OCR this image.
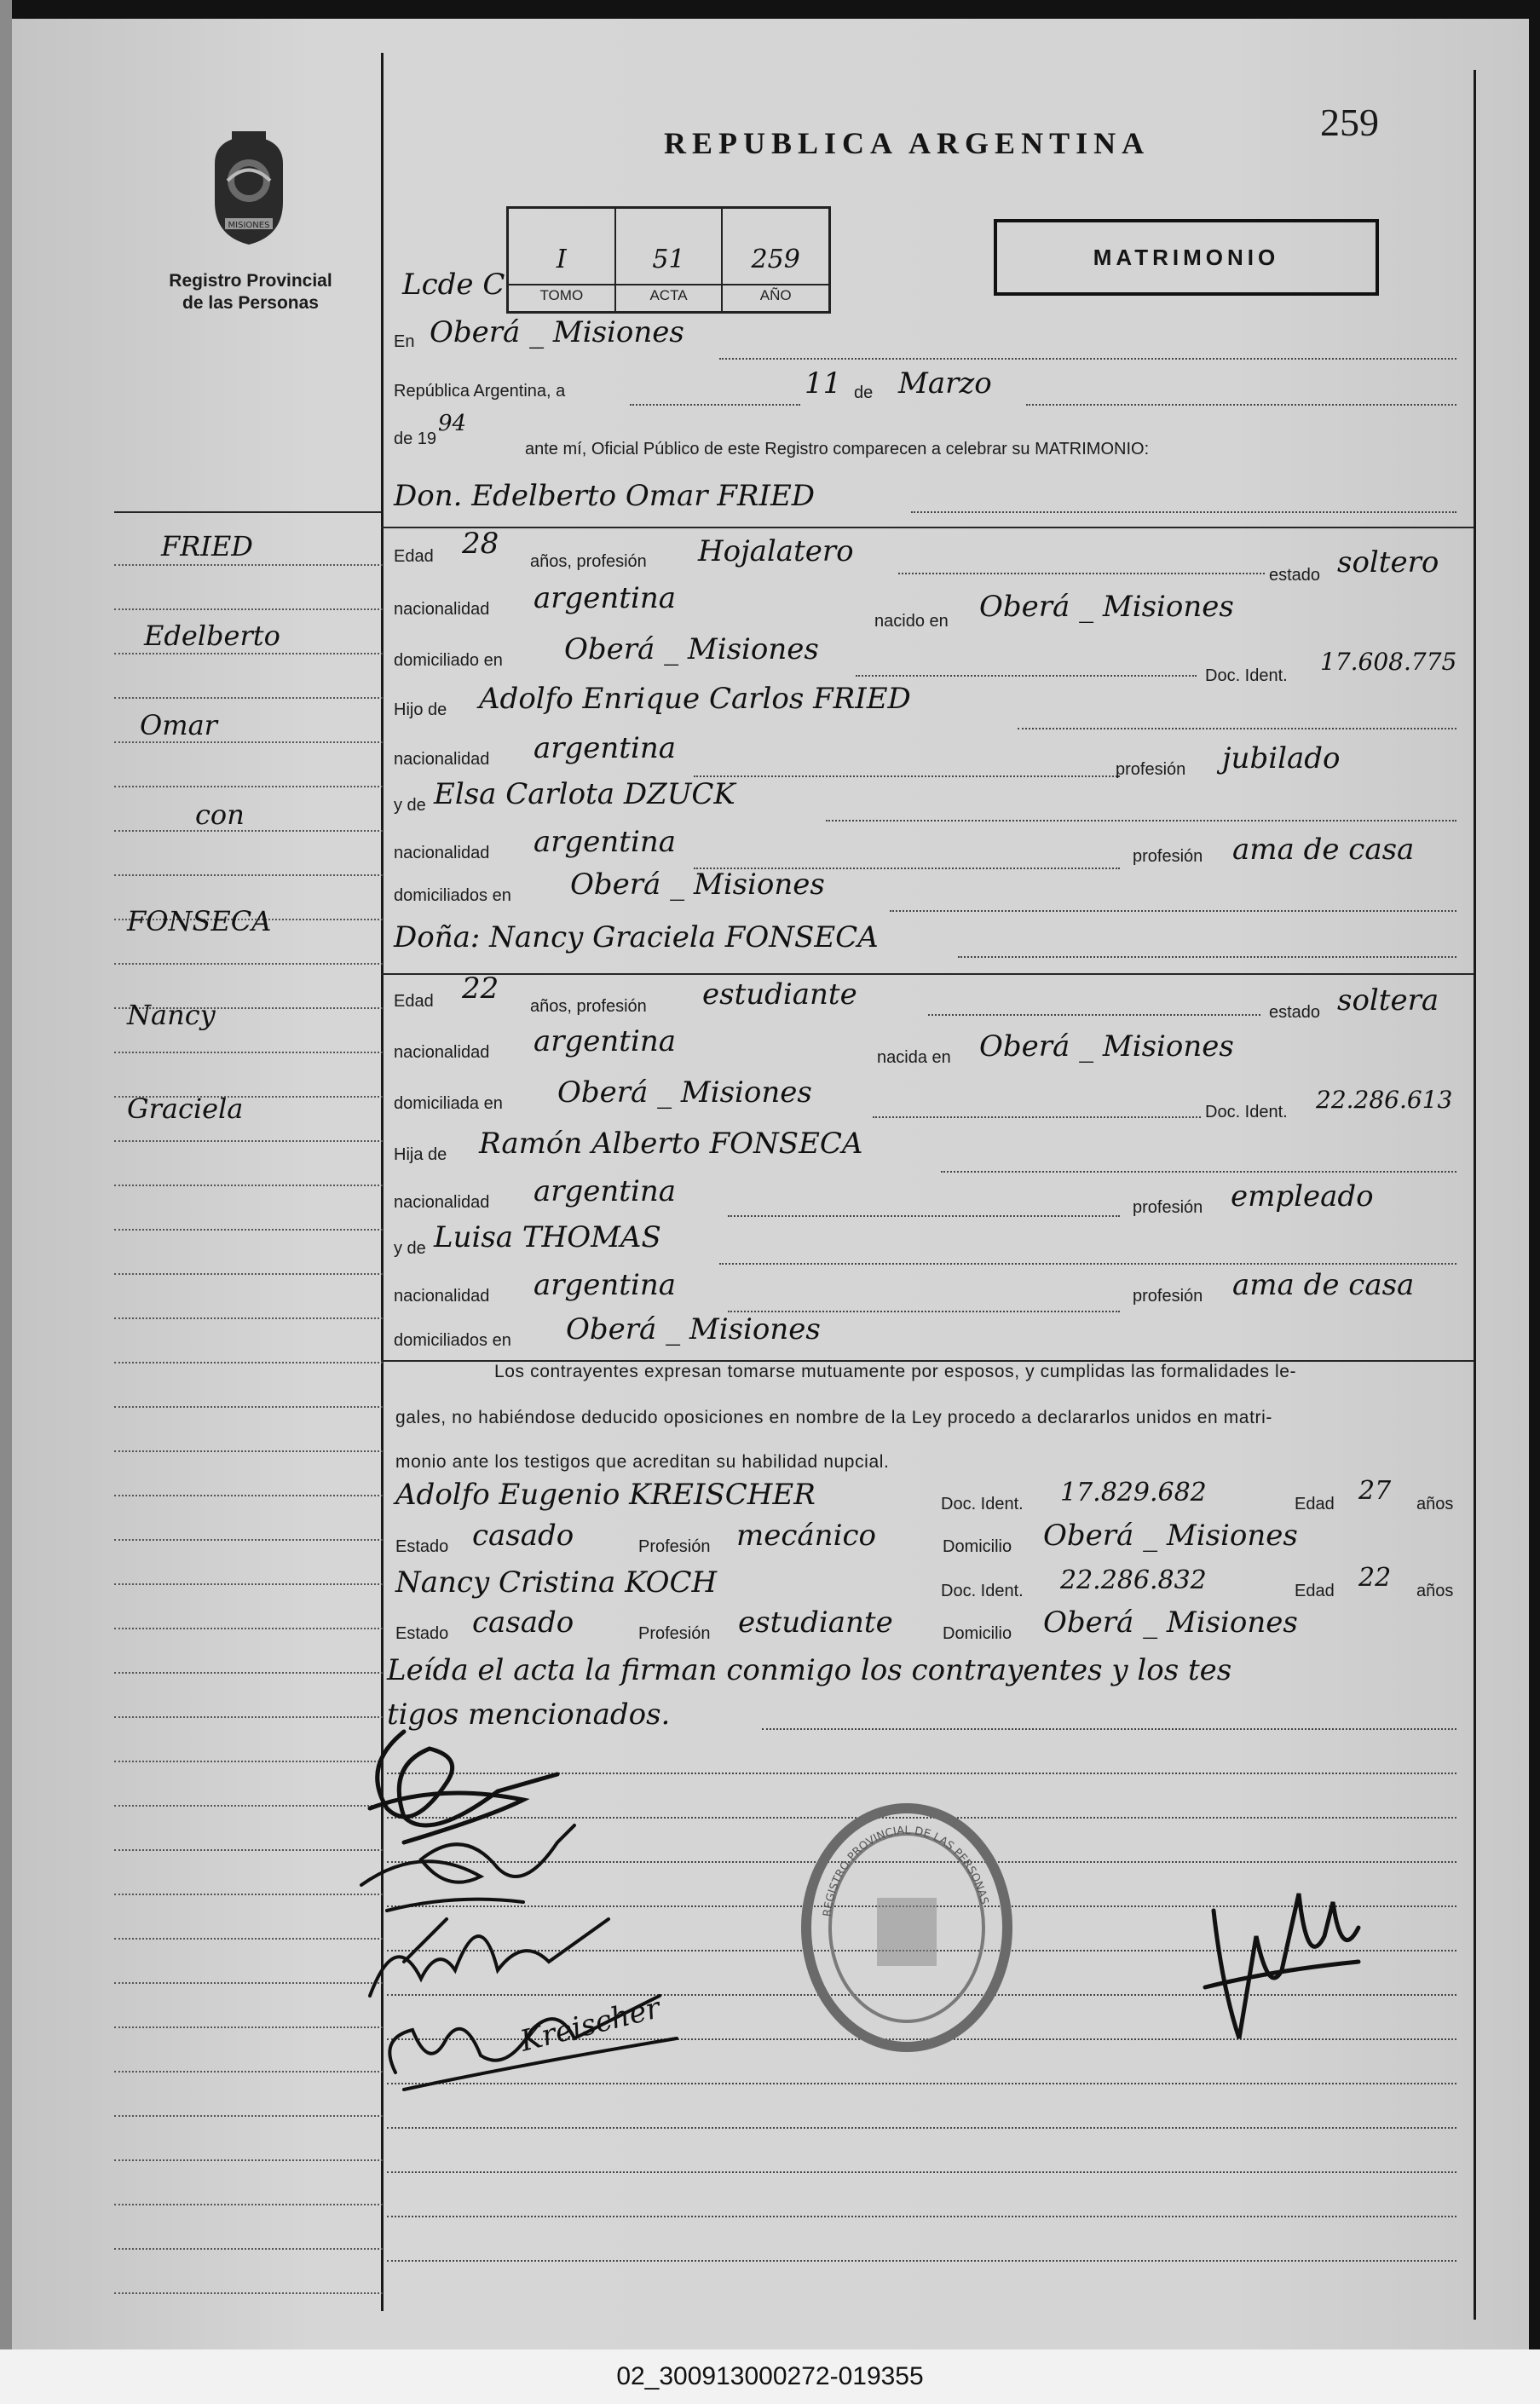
MISIONES
Registro Provincial
de las Personas
REPUBLICA ARGENTINA	259
Lcde C
I
TOMO
51
ACTA
259
AÑO
MATRIMONIO
FRIED
Edelberto
Omar
con
FONSECA
Nancy
Graciela
En Oberá _ Misiones
República Argentina, a	11 de Marzo
de 19
94
ante mí, Oficial Público de este Registro comparecen a celebrar su MATRIMONIO:
Don. Edelberto Omar FRIED
Edad 28
años, profesión Hojalatero
estado soltero
nacionalidad argentina
nacido en Oberá _ Misiones
domiciliado en Oberá _ Misiones
Doc. Ident. 17.608.775
Hijo de Adolfo Enrique Carlos FRIED
nacionalidad argentina
profesión jubilado
y de Elsa Carlota DZUCK
nacionalidad argentina	profesión ama de casa
domiciliados en Oberá _ Misiones
Doña: Nancy Graciela FONSECA
Edad 22
años, profesión estudiante
estado soltera
nacionalidad argentina	nacida en Oberá _ Misiones
domiciliada en Oberá _ Misiones
Doc. Ident. 22.286.613
Hija de Ramón Alberto FONSECA
nacionalidad argentina	profesión empleado
y de Luisa THOMAS
nacionalidad argentina	profesión ama de casa
domiciliados en Oberá _ Misiones
Los contrayentes expresan tomarse mutuamente por esposos, y cumplidas las formalidades le-
gales, no habiéndose deducido oposiciones en nombre de la Ley procedo a declararlos unidos en matri-
monio ante los testigos que acreditan su habilidad nupcial.
Adolfo Eugenio KREISCHER	Doc. Ident. 17.829.682	Edad 27 años
Estado casado	Profesión mecánico	Domicilio Oberá _ Misiones
Nancy Cristina KOCH	Doc. Ident. 22.286.832	Edad 22 años
Estado casado	Profesión estudiante	Domicilio Oberá _ Misiones
Leída el acta la firman conmigo los contrayentes y los tes
tigos mencionados.
Kreischer
REGISTRO PROVINCIAL DE LAS PERSONAS
02_300913000272-019355
